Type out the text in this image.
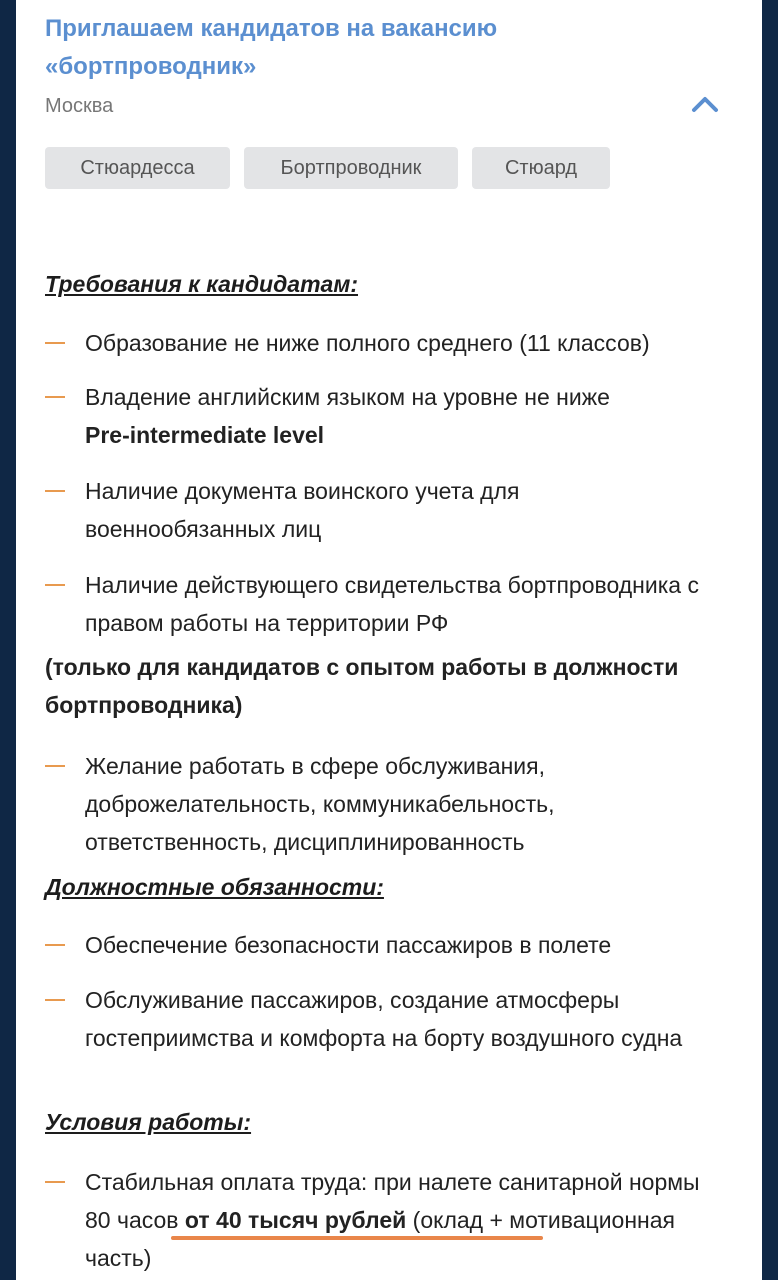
Приглашаем кандидатов на вакансию «бортпроводник»
Москва
Стюардесса	Бортпроводник	Стюард
Требования к кандидатам:

Образование не ниже полного среднего (11 классов)

Владение английским языком на уровне не ниже
Pre-intermediate level

Наличие документа воинского учета для военнообязанных лиц

Наличие действующего свидетельства бортпроводника с правом работы на территории РФ

(только для кандидатов с опытом работы в должности бортпроводника)

Желание работать в сфере обслуживания, доброжелательность, коммуникабельность, ответственность, дисциплинированность

Должностные обязанности:

Обеспечение безопасности пассажиров в полете

Обслуживание пассажиров, создание атмосферы гостеприимства и комфорта на борту воздушного судна

Условия работы:

Стабильная оплата труда: при налете санитарной нормы 80 часов от 40 тысяч рублей (оклад + мотивационная часть)
